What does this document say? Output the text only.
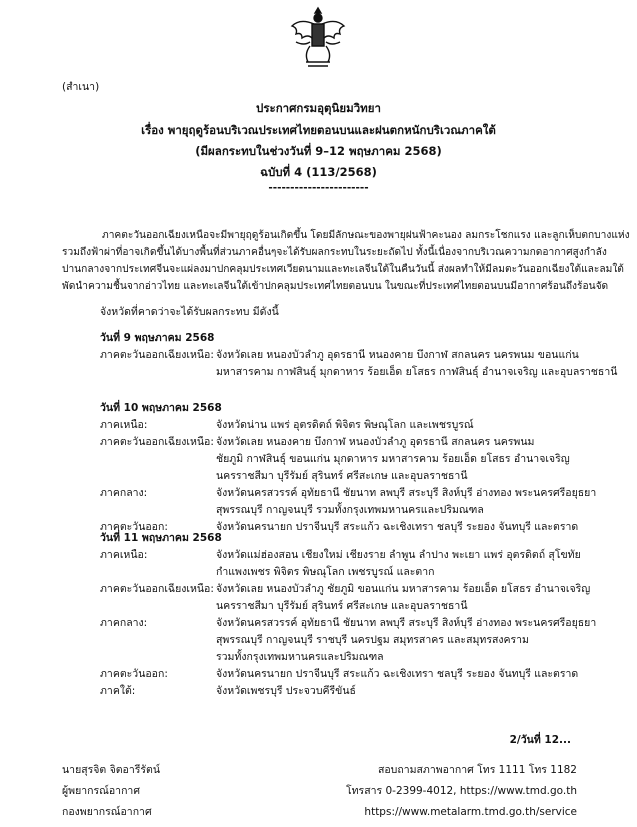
(สำเนา)
ประกาศกรมอุตุนิยมวิทยา
เรื่อง พายุฤดูร้อนบริเวณประเทศไทยตอนบนและฝนตกหนักบริเวณภาคใต้
(มีผลกระทบในช่วงวันที่ 9–12 พฤษภาคม 2568)
ฉบับที่ 4 (113/2568)
-----------------------
ภาคตะวันออกเฉียงเหนือจะมีพายุฤดูร้อนเกิดขึ้น โดยมีลักษณะของพายุฝนฟ้าคะนอง ลมกระโชกแรง และลูกเห็บตกบางแห่ง
รวมถึงฟ้าผ่าที่อาจเกิดขึ้นได้บางพื้นที่ส่วนภาคอื่นๆจะได้รับผลกระทบในระยะถัดไป ทั้งนี้เนื่องจากบริเวณความกดอากาศสูงกำลัง
ปานกลางจากประเทศจีนจะแผ่ลงมาปกคลุมประเทศเวียดนามและทะเลจีนใต้ในคืนวันนี้ ส่งผลทำให้มีลมตะวันออกเฉียงใต้และลมใต้
พัดนำความชื้นจากอ่าวไทย และทะเลจีนใต้เข้าปกคลุมประเทศไทยตอนบน ในขณะที่ประเทศไทยตอนบนมีอากาศร้อนถึงร้อนจัด
จังหวัดที่คาดว่าจะได้รับผลกระทบ มีดังนี้
วันที่ 9 พฤษภาคม 2568
ภาคตะวันออกเฉียงเหนือ: จังหวัดเลย หนองบัวลำภู อุดรธานี หนองคาย บึงกาฬ สกลนคร นครพนม ขอนแก่น
มหาสารคาม กาฬสินธุ์ มุกดาหาร ร้อยเอ็ด ยโสธร กาฬสินธุ์ อำนาจเจริญ และอุบลราชธานี
วันที่ 10 พฤษภาคม 2568
ภาคเหนือ:	จังหวัดน่าน แพร่ อุตรดิตถ์ พิจิตร พิษณุโลก และเพชรบูรณ์
ภาคตะวันออกเฉียงเหนือ: จังหวัดเลย หนองคาย บึงกาฬ หนองบัวลำภู อุดรธานี สกลนคร นครพนม
ชัยภูมิ กาฬสินธุ์ ขอนแก่น มุกดาหาร มหาสารคาม ร้อยเอ็ด ยโสธร อำนาจเจริญ
นครราชสีมา บุรีรัมย์ สุรินทร์ ศรีสะเกษ และอุบลราชธานี
ภาคกลาง:	จังหวัดนครสวรรค์ อุทัยธานี ชัยนาท ลพบุรี สระบุรี สิงห์บุรี อ่างทอง พระนครศรีอยุธยา
สุพรรณบุรี กาญจนบุรี รวมทั้งกรุงเทพมหานครและปริมณฑล
ภาคตะวันออก:	จังหวัดนครนายก ปราจีนบุรี สระแก้ว ฉะเชิงเทรา ชลบุรี ระยอง จันทบุรี และตราด
วันที่ 11 พฤษภาคม 2568
ภาคเหนือ:	จังหวัดแม่ฮ่องสอน เชียงใหม่ เชียงราย ลำพูน ลำปาง พะเยา แพร่ อุตรดิตถ์ สุโขทัย
กำแพงเพชร พิจิตร พิษณุโลก เพชรบูรณ์ และตาก
ภาคตะวันออกเฉียงเหนือ: จังหวัดเลย หนองบัวลำภู ชัยภูมิ ขอนแก่น มหาสารคาม ร้อยเอ็ด ยโสธร อำนาจเจริญ
นครราชสีมา บุรีรัมย์ สุรินทร์ ศรีสะเกษ และอุบลราชธานี
ภาคกลาง:	จังหวัดนครสวรรค์ อุทัยธานี ชัยนาท ลพบุรี สระบุรี สิงห์บุรี อ่างทอง พระนครศรีอยุธยา
สุพรรณบุรี กาญจนบุรี ราชบุรี นครปฐม สมุทรสาคร และสมุทรสงคราม
รวมทั้งกรุงเทพมหานครและปริมณฑล
ภาคตะวันออก:	จังหวัดนครนายก ปราจีนบุรี สระแก้ว ฉะเชิงเทรา ชลบุรี ระยอง จันทบุรี และตราด
ภาคใต้:	จังหวัดเพชรบุรี ประจวบคีรีขันธ์
2/วันที่ 12...
นายสุรจิต จิตอารีรัตน์
ผู้พยากรณ์อากาศ
กองพยากรณ์อากาศ
สอบถามสภาพอากาศ โทร 1111 โทร 1182
โทรสาร 0-2399-4012, https://www.tmd.go.th
https://www.metalarm.tmd.go.th/service
